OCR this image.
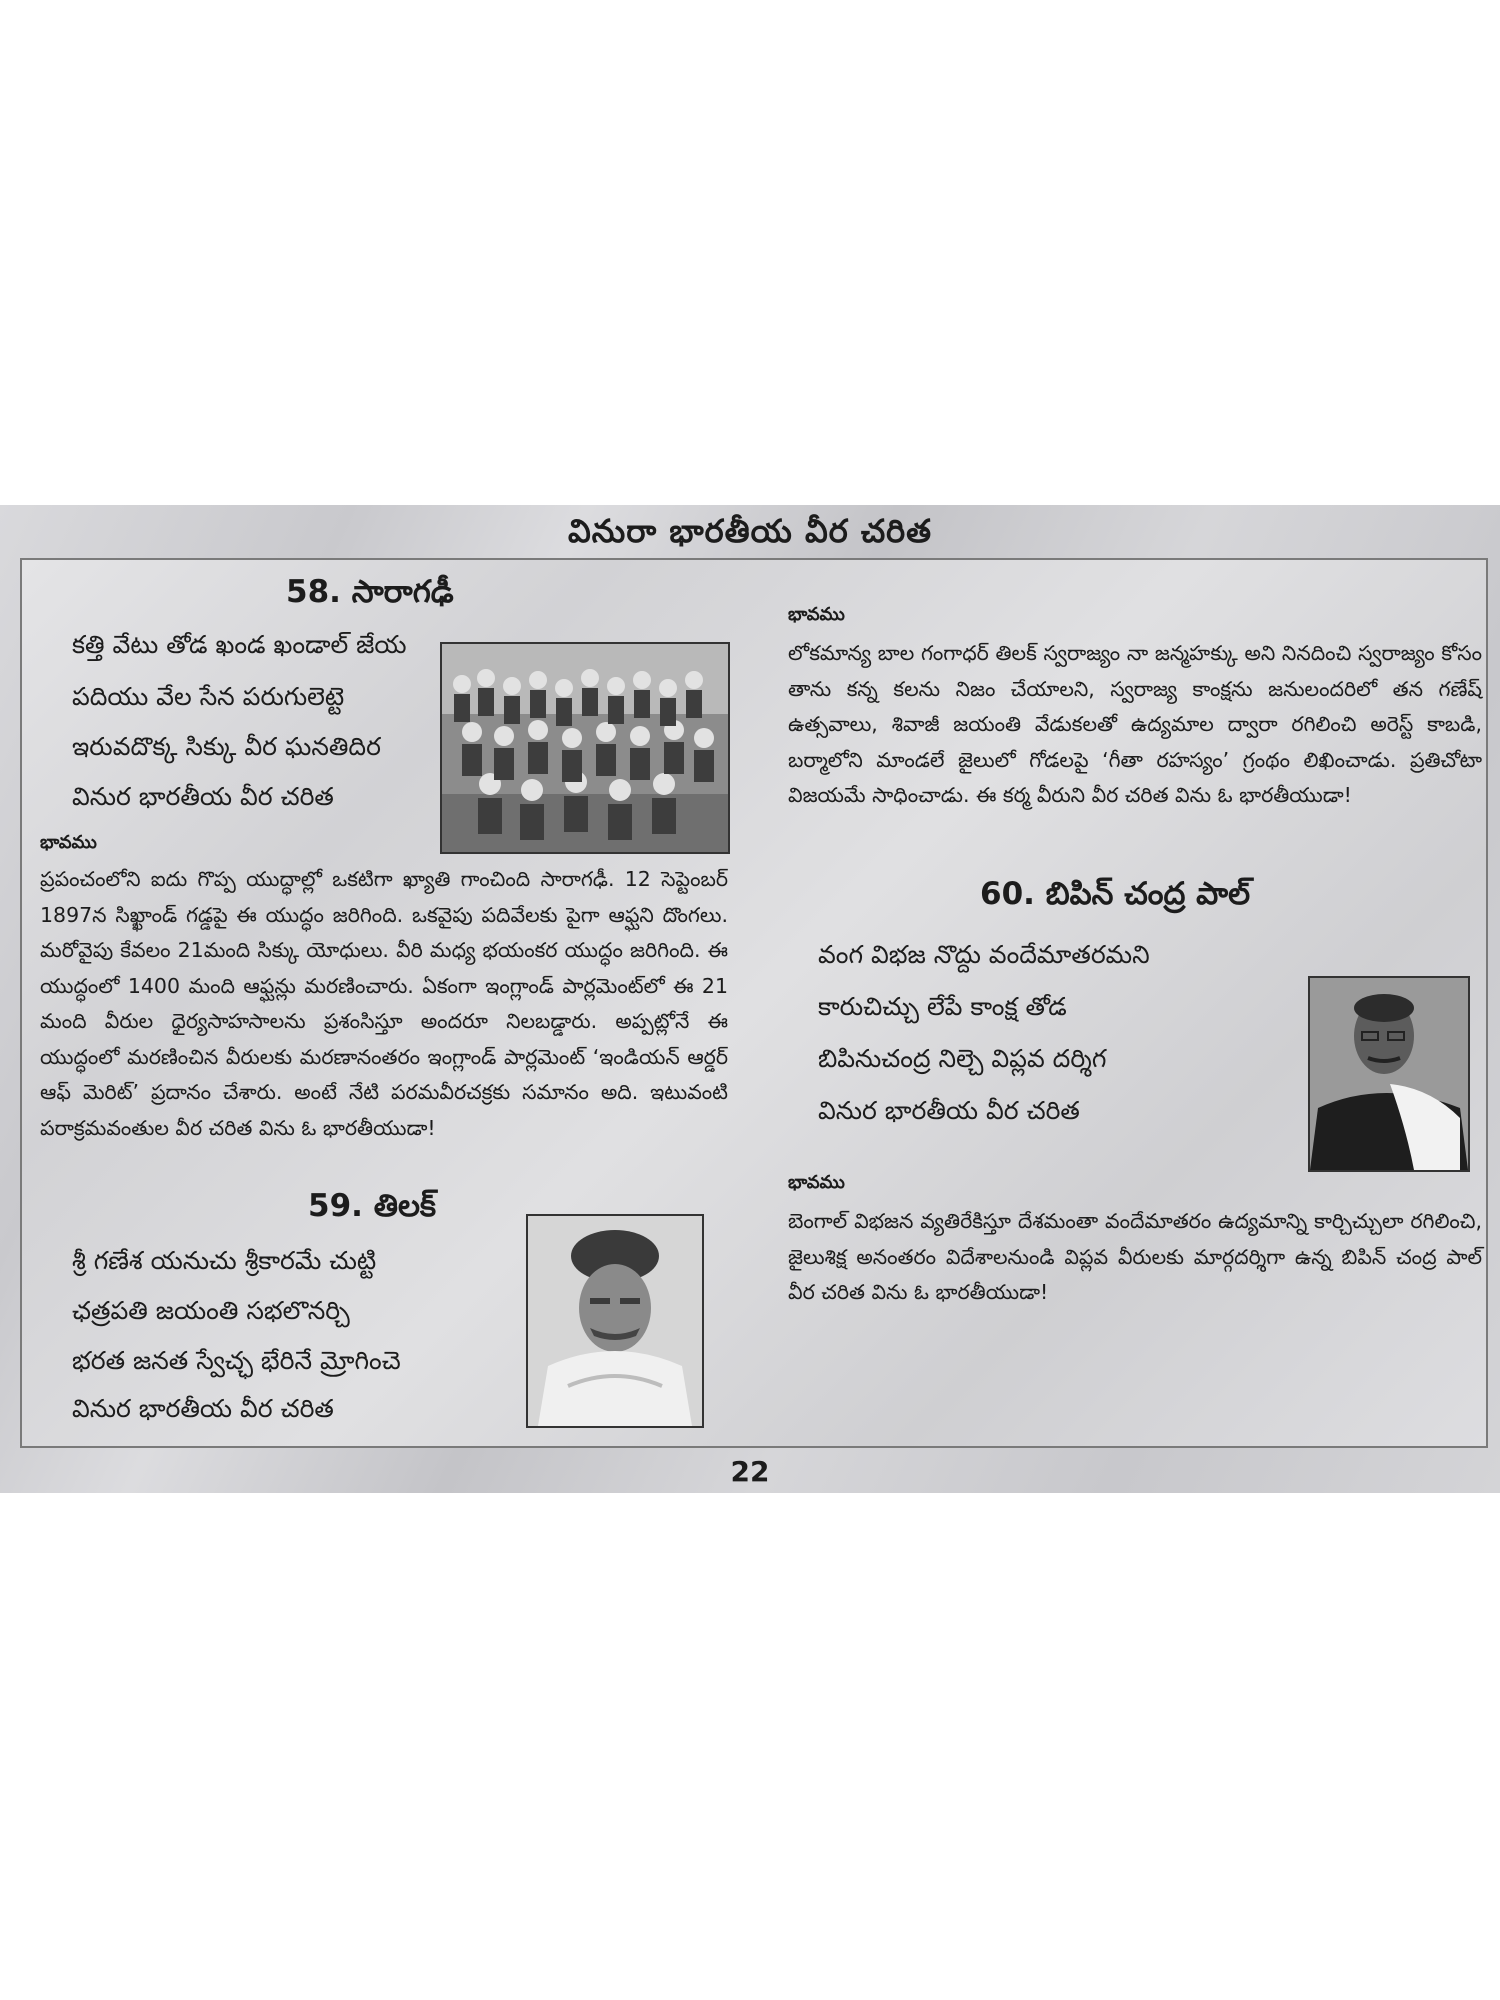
వినురా భారతీయ వీర చరిత
58. సారాగఢీ
కత్తి వేటు తోడ ఖండ ఖండాల్ జేయ
పదియు వేల సేన పరుగులెట్టె
ఇరువదొక్క సిక్కు వీర ఘనతిదిర
వినుర భారతీయ వీర చరిత
భావము
ప్రపంచంలోని ఐదు గొప్ప యుద్ధాల్లో ఒకటిగా ఖ్యాతి గాంచింది సారాగఢీ. 12 సెప్టెంబర్ 1897న సిఖ్ఖాండ్ గడ్డపై ఈ యుద్ధం జరిగింది. ఒకవైపు పదివేలకు పైగా ఆఫ్ఘని దొంగలు. మరోవైపు కేవలం 21మంది సిక్కు యోధులు. వీరి మధ్య భయంకర యుద్ధం జరిగింది. ఈ యుద్ధంలో 1400 మంది ఆఫ్ఘన్లు మరణించారు. ఏకంగా ఇంగ్లాండ్ పార్లమెంట్‌లో ఈ 21 మంది వీరుల ధైర్యసాహసాలను ప్రశంసిస్తూ అందరూ నిలబడ్డారు. అప్పట్లోనే ఈ యుద్ధంలో మరణించిన వీరులకు మరణానంతరం ఇంగ్లాండ్ పార్లమెంట్ ‘ఇండియన్ ఆర్డర్ ఆఫ్ మెరిట్’ ప్రదానం చేశారు. అంటే నేటి పరమవీరచక్రకు సమానం అది. ఇటువంటి పరాక్రమవంతుల వీర చరిత విను ఓ భారతీయుడా!
59. తిలక్
శ్రీ గణేశ యనుచు శ్రీకారమే చుట్టి
ఛత్రపతి జయంతి సభలొనర్చి
భరత జనత స్వేచ్ఛ భేరినే మ్రోగించె
వినుర భారతీయ వీర చరిత
భావము
లోకమాన్య బాల గంగాధర్ తిలక్ స్వరాజ్యం నా జన్మహక్కు అని నినదించి స్వరాజ్యం కోసం తాను కన్న కలను నిజం చేయాలని, స్వరాజ్య కాంక్షను జనులందరిలో తన గణేష్ ఉత్సవాలు, శివాజీ జయంతి వేడుకలతో ఉద్యమాల ద్వారా రగిలించి అరెస్ట్ కాబడి, బర్మాలోని మాండలే జైలులో గోడలపై ‘గీతా రహస్యం’ గ్రంథం లిఖించాడు. ప్రతిచోటా విజయమే సాధించాడు. ఈ కర్మ వీరుని వీర చరిత విను ఓ భారతీయుడా!
60. బిపిన్ చంద్ర పాల్
వంగ విభజ నొద్దు వందేమాతరమని
కారుచిచ్చు లేపే కాంక్ష తోడ
బిపినుచంద్ర నిల్చె విప్లవ దర్శిగ
వినుర భారతీయ వీర చరిత
భావము
బెంగాల్ విభజన వ్యతిరేకిస్తూ దేశమంతా వందేమాతరం ఉద్యమాన్ని కార్చిచ్చులా రగిలించి, జైలుశిక్ష అనంతరం విదేశాలనుండి విప్లవ వీరులకు మార్గదర్శిగా ఉన్న బిపిన్ చంద్ర పాల్ వీర చరిత విను ఓ భారతీయుడా!
22
